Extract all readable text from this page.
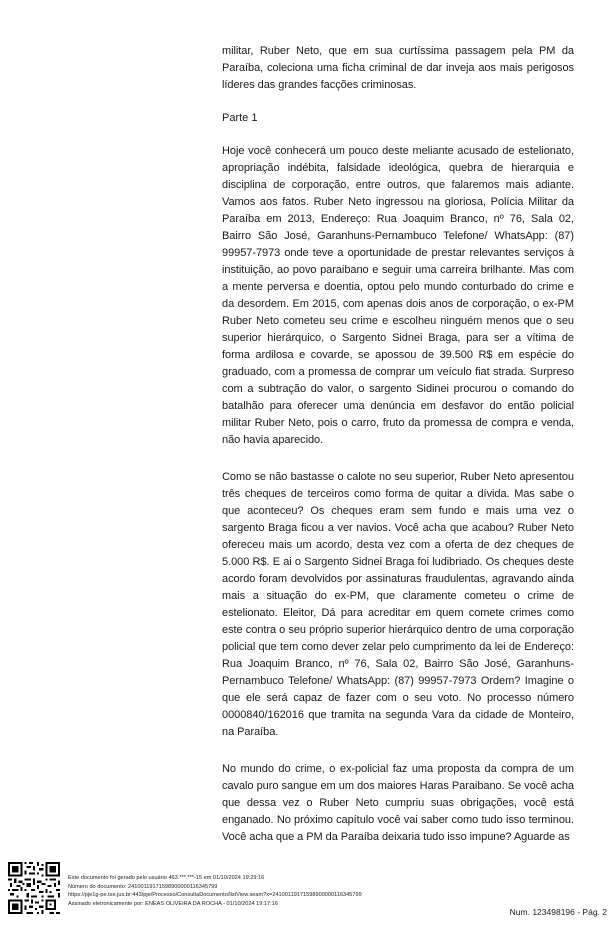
militar, Ruber Neto, que em sua curtíssima passagem pela PM da Paraíba, coleciona uma ficha criminal de dar inveja aos mais perigosos líderes das grandes facções criminosas.

Parte 1

Hoje você conhecerá um pouco deste meliante acusado de estelionato, apropriação indébita, falsidade ideológica, quebra de hierarquia e disciplina de corporação, entre outros, que falaremos mais adiante. Vamos aos fatos. Ruber Neto ingressou na gloriosa, Polícia Militar da Paraíba em 2013, Endereço: Rua Joaquim Branco, nº 76, Sala 02, Bairro São José, Garanhuns-Pernambuco Telefone/ WhatsApp: (87) 99957-7973 onde teve a oportunidade de prestar relevantes serviços à instituição, ao povo paraibano e seguir uma carreira brilhante. Mas com a mente perversa e doentia, optou pelo mundo conturbado do crime e da desordem. Em 2015, com apenas dois anos de corporação, o ex-PM Ruber Neto cometeu seu crime e escolheu ninguém menos que o seu superior hierárquico, o Sargento Sidnei Braga, para ser a vítima de forma ardilosa e covarde, se apossou de 39.500 R$ em espécie do graduado, com a promessa de comprar um veículo fiat strada. Surpreso com a subtração do valor, o sargento Sidinei procurou o comando do batalhão para oferecer uma denúncia em desfavor do então policial militar Ruber Neto, pois o carro, fruto da promessa de compra e venda, não havia aparecido.

Como se não bastasse o calote no seu superior, Ruber Neto apresentou três cheques de terceiros como forma de quitar a dívida. Mas sabe o que aconteceu? Os cheques eram sem fundo e mais uma vez o sargento Braga ficou a ver navios. Você acha que acabou? Ruber Neto ofereceu mais um acordo, desta vez com a oferta de dez cheques de 5.000 R$. E ai o Sargento Sidnei Braga foi ludibriado. Os cheques deste acordo foram devolvidos por assinaturas fraudulentas, agravando ainda mais a situação do ex-PM, que claramente cometeu o crime de estelionato. Eleitor, Dá para acreditar em quem comete crimes como este contra o seu próprio superior hierárquico dentro de uma corporação policial que tem como dever zelar pelo cumprimento da lei de Endereço: Rua Joaquim Branco, nº 76, Sala 02, Bairro São José, Garanhuns-Pernambuco Telefone/ WhatsApp: (87) 99957-7973 Ordem? Imagine o que ele será capaz de fazer com o seu voto. No processo número 0000840/162016 que tramita na segunda Vara da cidade de Monteiro, na Paraíba.

No mundo do crime, o ex-policial faz uma proposta da compra de um cavalo puro sangue em um dos maiores Haras Paraibano. Se você acha que dessa vez o Ruber Neto cumpriu suas obrigações, você está enganado. No próximo capítulo você vai saber como tudo isso terminou. Você acha que a PM da Paraíba deixaria tudo isso impune? Aguarde as

Este documento foi gerado pelo usuário 463.***.***-15 em 01/10/2024 19:29:16
Número do documento: 24100119171598900000116345799
https://pje1g-pe.tse.jus.br:443/pje/Processo/ConsultaDocumento/listView.seam?x=24100119171598900000116345799
Assinado eletronicamente por: ENEAS OLIVEIRA DA ROCHA - 01/10/2024 19:17:16
Num. 123498196 - Pág. 2
